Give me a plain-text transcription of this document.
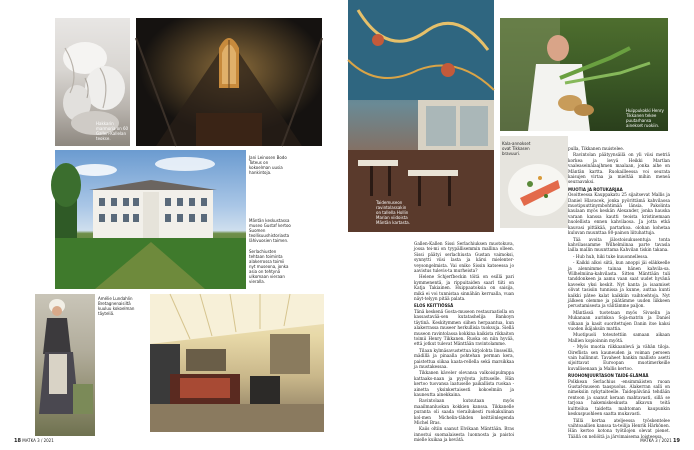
Hakkarin marmoria on 60 Gallen-Kallelan teokse.
Jani Leinosen Bodo Toteus on kokoelman uusia hankintoja.
Mäntän keskustassa museo Gustaf kertoo Suomen teollisuushistoriasta lähivuosien taimen.
Serlachiusten tehtaan toiminta alakerrossa toimii nyt museona, jonka asia on tehtynä ulkomaan vieraan vieralla.
Amélie Lundahlin Bretagnenaisiltä kuuluu kokoelman täyteliä.
18 MATKA 3 / 2021
Taidemuseon ravintolassakin on tallella Hollin Marian viidoista Mäntän kartasta.
Huippukokki Henry Tikkanen tekee puutarhansa ainekset ruokiin.
Kala-annokset ovat Tikkasen bravuuri.

Gallen-Kallen Sissi Serlachiuksen muotokuva, jossa tei-mi on tyypällisemmin mallina olleen. Sissi päätyi serlachiusta Gustan vaimoksi, synnytti viisi lasta ja kärsi mielenter-veysongelmista. Vai oniko Sissin katseessa jo aavistus tulevis-ta murheista?

Helene Schjerfbeckin töitä on esillä pari kymmenentä, ja rippuitaiden saarl tiiti on Katja Takiainen. Huippaatoksia on saisija, mikä ei voi tunnistaa sinnähän kerrualla, vuan näyt-telyyn pitää palata.

ELOS KEITTIÖSSÄ

Tänä keskenä Gosta-museon restauraatiolla on kassastavää-sen kutatashelija Bankoyn täytinä. Keskitymmen siihen herpaantua, kun alakerrassa museer herkullisia tuoksuja. Siellä museon ravintolassa kokkina kaikista rikkaiton toimii Henry Tikkanen. Ruoka on niin hyvää, että jotkut tulevat Mänttään ravintolamme.

Tilaan kylmäsavustettua kirjolohta linsseillä, mädillä ja pinaalla pohtehan perman kera, paistettua siikaa kaata-rellella sekä marsikkaa ja mustakessaa.

Tikkanen käveler olevansa valkoisipulmppa kattaako-naan ja pyydysta juttuselle. Hän kertoo tuovansa laatuselle paikallista ruokaa - ainetta yksinkertaisesti kokoelmiin ja kauneutta ainekkaina.

Ravintolaan kutsutaan myös maailmanluokan kokkien kanssa. Tikkanelle puranta oli saada vierailukesti ruokakulinan kol-men Michelin-tähden keittiönlegenda Michel Bras.

Kaiis oltiin saanut Elvikaan Mänttään. Bras innostui suomalaisesta luonnosta ja paistoi mielle kuikaa ja kevätä.

pulla, Tikkanen muistelee.

Ravintolan päätyynsäilä on yli viisi metriä korkea ja levyä Heikki Martlan vaaleaseinälaajhmen maalaan, jonka aihe on Mäntän kartta. Ruokailleessa voi seurata kaisujen virtaa ja mieltää mihin meneä seuraavaksi.

MUOTIA JA ROTUKARJAA

Osoitteessa Kauppakatu 25 sijaitsevat Mallis ja Daniel Hlavacek, jonka pyörittämä kahvilaosa muotipuuttinymbohtimää länsia. Pakolinta kaulaan myös keskän Alexander, jonka hauska varaan kanssa kautti teoista kristinemaan huolellista ennen kahvilaosa. Ja jotta etkä kauvasi pittäkää, partarkoa. olohan kohetaa kuluvan muunttaa 80-painon liituhattuja.

Tää avoita jälostoisukusentuja tonta kahvilassamme Wilhelmiinaa parte tavasla lailla mallin muunttama Kahvilan tiskin takana.

- Hub hub, hiki tuke kuuonnellessa.

- Kaikki alkoi siitä, kun anoppi jäi eläkkeelle ja alennimme tainaa hänen kahvila-sa. Wilhelmiina-kahvilasta. Sitten Mänttään tuli tanddonkeen ja aamu vaan saat uudet hyvänä kaveeks yksi keskit. Nyt kanta ja isaamiset olivat tasisiin tunnissa ja kunne, auttaa kunti kaikki pätee kalat kaikkiin vaihtoehtoja. Nyt jälkeen olemme ja päätämme uuden liikkeen perustamisesta ja välitämme paljon.

Mäntässä tuotetaan myös Sivuelin ja Mukanaan aurinkoa Soja-matrin ja Daniel vilkaan ja kasit suoritettujen Danin itse kaksi vuoden ikäjaksiin mattia.

Muotipuoli toteutettiin samaan aikaan Mallien kopioinnin myötä.

- Myös muotia riikkaanlevä ja vähän tiloja. Oireflista sen kauneuden ja voiman perseen vain hallinnut. Tavaheet hankin mallisto asetti sijoittavat Euroopan muotimerkeille kuvallisenaan ja Mallis kertoo.

RUOHONJUURTASON TAIDE-ELÄMÄÄ

Polkkean Serlachius -ensimmäisten ruoan Gustaf-museon taaspuolus. Alakerran salli on nimeksiin nykytaiteelle. Taidepäivänä tehdään rentoon ja saanut keraan mahtavasti, sillä se tarjoaa hakemiskeskusta alkavun teitä kultteilua taidetta mahtoman kaupunkin keskuspuohleen saatta mukavasti.

Tällä kertaa ateljeessa työskentelee vaihtoaallien kanssa ta-teilija Henrik Härkönen. Hän kertoo kotona työtilojen olevat pienet. Täällä on neliöitä ja järvimaisema loisteessa.

MATKA 3 / 2021 19
